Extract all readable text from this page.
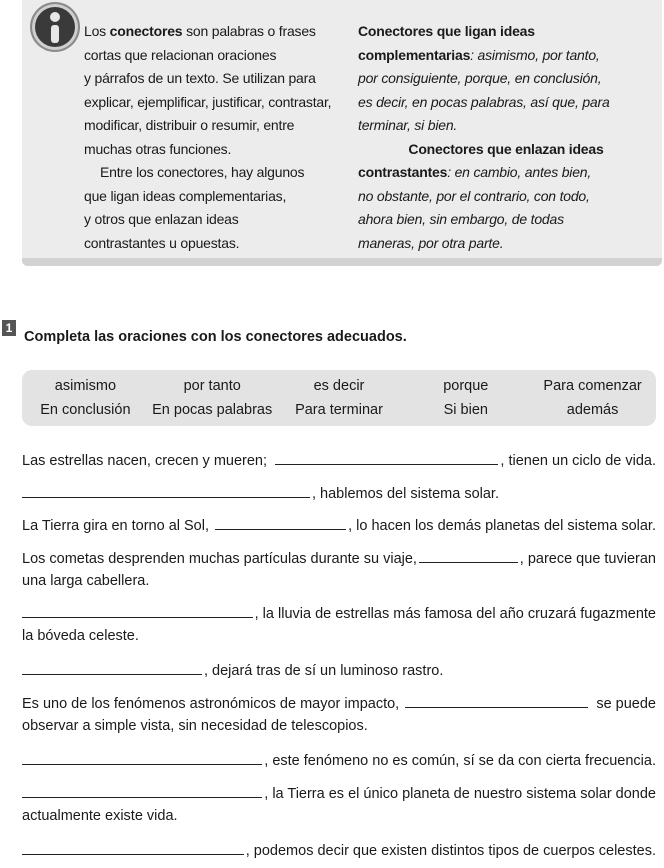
Los conectores son palabras o frases

cortas que relacionan oraciones

y párrafos de un texto. Se utilizan para

explicar, ejemplificar, justificar, contrastar,

modificar, distribuir o resumir, entre

muchas otras funciones.

Entre los conectores, hay algunos

que ligan ideas complementarias,

y otros que enlazan ideas

contrastantes u opuestas.

Conectores que ligan ideas

complementarias: asimismo, por tanto,

por consiguiente, porque, en conclusión,

es decir, en pocas palabras, así que, para

terminar, si bien.

Conectores que enlazan ideas

contrastantes: en cambio, antes bien,

no obstante, por el contrario, con todo,

ahora bien, sin embargo, de todas

maneras, por otra parte.

1
Completa las oraciones con los conectores adecuados.
asimismo	por tanto	es decir	porque	Para comenzar
En conclusión	En pocas palabras	Para terminar	Si bien	además
Las estrellas nacen, crecen y mueren;	, tienen un ciclo de vida.
, hablemos del sistema solar.
La Tierra gira en torno al Sol,	, lo hacen los demás planetas del sistema solar.
Los cometas desprenden muchas partículas durante su viaje,	, parece que tuvieran
una larga cabellera.
, la lluvia de estrellas más famosa del año cruzará fugazmente
la bóveda celeste.
, dejará tras de sí un luminoso rastro.
Es uno de los fenómenos astronómicos de mayor impacto,	se puede
observar a simple vista, sin necesidad de telescopios.
, este fenómeno no es común, sí se da con cierta frecuencia.
, la Tierra es el único planeta de nuestro sistema solar donde
actualmente existe vida.
, podemos decir que existen distintos tipos de cuerpos celestes.
